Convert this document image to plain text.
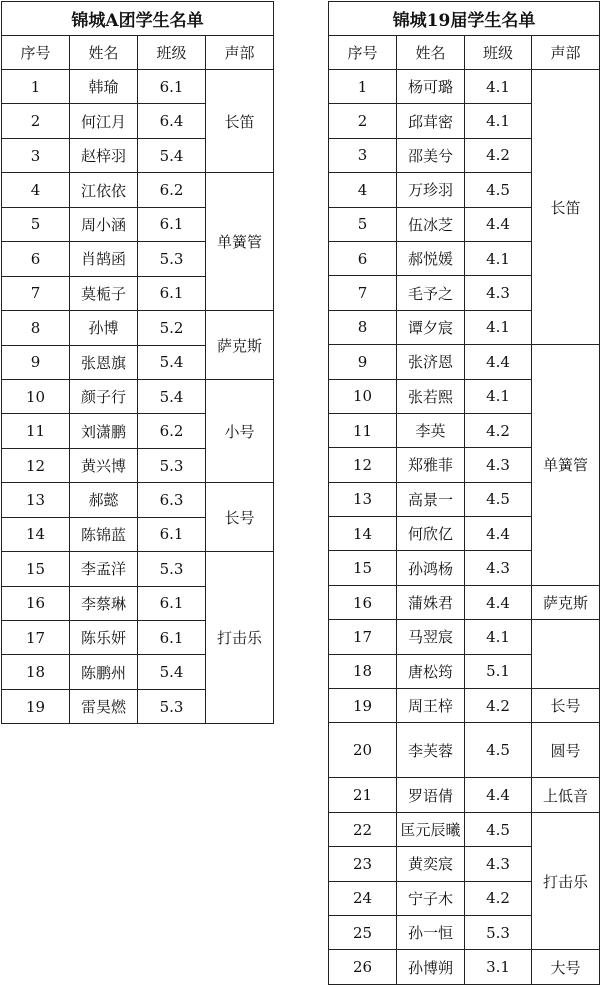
锦城A团学生名单			
序号	姓名	班级	声部
1	韩瑜	6.1	长笛
2	何江月	6.4	
3	赵梓羽	5.4	
4	江依依	6.2	单簧管
5	周小涵	6.1	
6	肖鹄函	5.3	
7	莫栀子	6.1	
8	孙博	5.2	萨克斯
9	张恩旗	5.4	
10	颜子行	5.4	小号
11	刘潇鹏	6.2	
12	黄兴博	5.3	
13	郝懿	6.3	长号
14	陈锦蓝	6.1	
15	李孟洋	5.3	打击乐
16	李蔡琳	6.1	
17	陈乐妍	6.1	
18	陈鹏州	5.4	
19	雷昊燃	5.3	
锦城19届学生名单			
序号	姓名	班级	声部
1	杨可璐	4.1	长笛
2	邱茸密	4.1	
3	邵美兮	4.2	
4	万珍羽	4.5	
5	伍冰芝	4.4	
6	郝悦媛	4.1	
7	毛予之	4.3	
8	谭夕宸	4.1	
9	张济恩	4.4	单簧管
10	张若熙	4.1	
11	李英	4.2	
12	郑雅菲	4.3	
13	高景一	4.5	
14	何欣亿	4.4	
15	孙鸿杨	4.3	
16	蒲姝君	4.4	萨克斯
17	马翌宸	4.1	
18	唐松筠	5.1	
19	周王梓	4.2	长号
20	李芙蓉	4.5	圆号
21	罗语倩	4.4	上低音
22	匡元辰曦	4.5	打击乐
23	黄奕宸	4.3	
24	宁子木	4.2	
25	孙一恒	5.3	
26	孙博朔	3.1	大号
